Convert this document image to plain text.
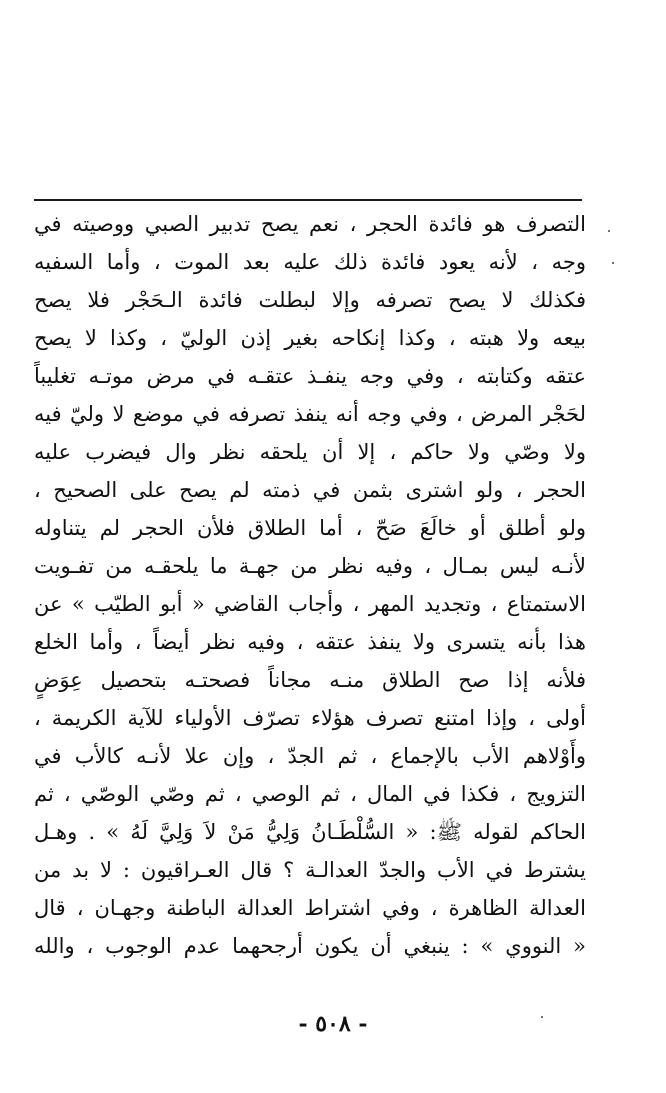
التصرف هو فائدة الحجر ، نعم يصح تدبير الصبي ووصيته في
وجه ، لأنه يعود فائدة ذلك عليه بعد الموت ، وأما السفيه
فكذلك لا يصح تصرفه وإلا لبطلت فائدة الـحَجْر فلا يصح
بيعه ولا هبته ، وكذا إنكاحه بغير إذن الوليّ ، وكذا لا يصح
عتقه وكتابته ، وفي وجه ينفـذ عتقـه في مرض موتـه تغليباً
لحَجْر المرض ، وفي وجه أنه ينفذ تصرفه في موضع لا وليّ فيه
ولا وصّي ولا حاكم ، إلا أن يلحقه نظر وال فيضرب عليه
الحجر ، ولو اشترى بثمن في ذمته لم يصح على الصحيح ،
ولو أطلق أو خالَعَ صَحّ ، أما الطلاق فلأن الحجر لم يتناوله
لأنـه ليس بمـال ، وفيه نظر من جهـة ما يلحقـه من تفـويت
الاستمتاع ، وتجديد المهر ، وأجاب القاضي « أبو الطيّب » عن
هذا بأنه يتسرى ولا ينفذ عتقه ، وفيه نظر أيضاً ، وأما الخلع
فلأنه إذا صح الطلاق منـه مجاناً فصحتـه بتحصيل عِوَضٍ
أولى ، وإذا امتنع تصرف هؤلاء تصرّف الأولياء للآية الكريمة ،
وأَوْلاهم الأب بالإجماع ، ثم الجدّ ، وإن علا لأنـه كالأب في
التزويج ، فكذا في المال ، ثم الوصي ، ثم وصّي الوصّي ، ثم
الحاكم لقوله ﷺ: « السُّلْطَـانُ وَلِيُّ مَنْ لاَ وَلِيَّ لَهُ » . وهـل
يشترط في الأب والجدّ العدالـة ؟ قال العـراقيون : لا بد من
العدالة الظاهرة ، وفي اشتراط العدالة الباطنة وجهـان ، قال
« النووي » : ينبغي أن يكون أرجحهما عدم الوجوب ، والله
- ٥٠٨ -
